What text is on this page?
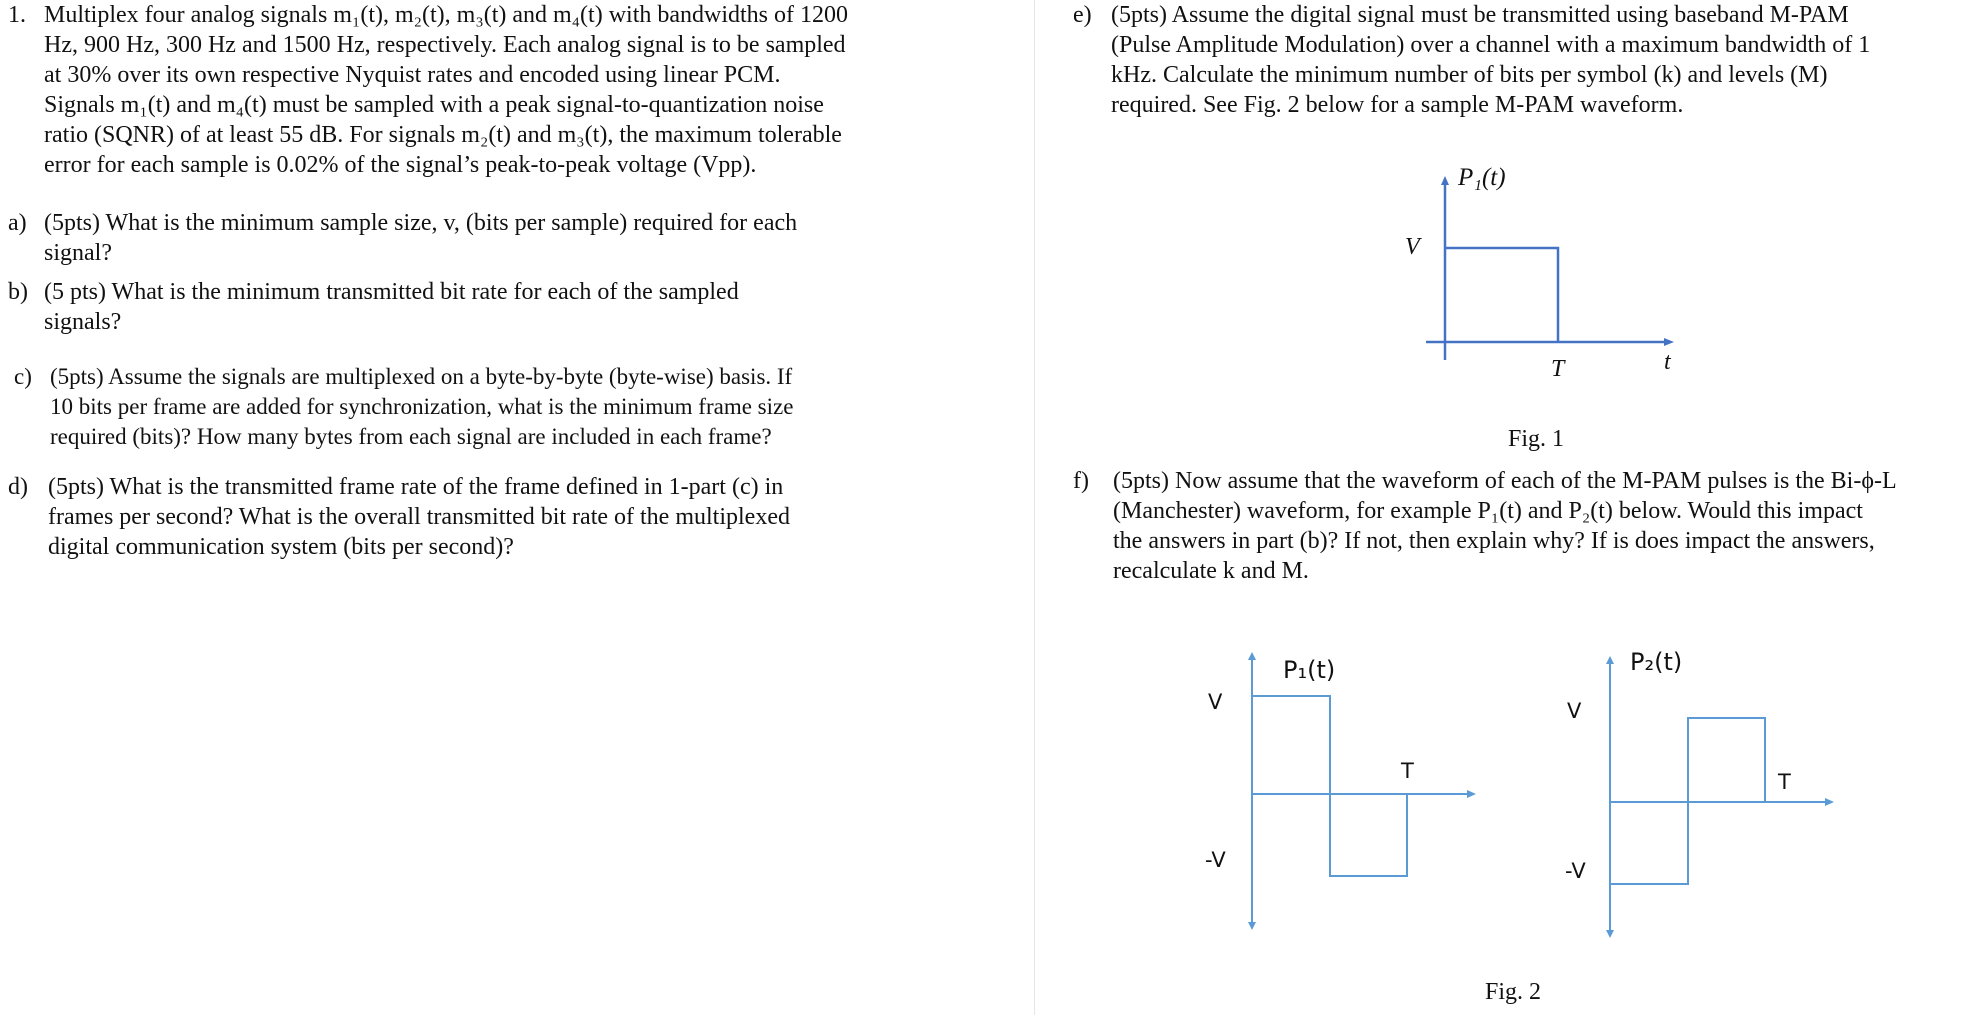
1. Multiplex four analog signals m₁(t), m₂(t), m₃(t) and m₄(t) with bandwidths of 1200
Hz, 900 Hz, 300 Hz and 1500 Hz, respectively. Each analog signal is to be sampled
at 30% over its own respective Nyquist rates and encoded using linear PCM.
Signals m₁(t) and m₄(t) must be sampled with a peak signal-to-quantization noise
ratio (SQNR) of at least 55 dB. For signals m₂(t) and m₃(t), the maximum tolerable
error for each sample is 0.02% of the signal’s peak-to-peak voltage (Vpp).
a) (5pts) What is the minimum sample size, v, (bits per sample) required for each
signal?
b) (5 pts) What is the minimum transmitted bit rate for each of the sampled
signals?
c) (5pts) Assume the signals are multiplexed on a byte-by-byte (byte-wise) basis. If
10 bits per frame are added for synchronization, what is the minimum frame size
required (bits)? How many bytes from each signal are included in each frame?
d) (5pts) What is the transmitted frame rate of the frame defined in 1-part (c) in
frames per second? What is the overall transmitted bit rate of the multiplexed
digital communication system (bits per second)?
e) (5pts) Assume the digital signal must be transmitted using baseband M-PAM
(Pulse Amplitude Modulation) over a channel with a maximum bandwidth of 1
kHz. Calculate the minimum number of bits per symbol (k) and levels (M)
required. See Fig. 2 below for a sample M-PAM waveform.
P₁(t)
V
T	t
Fig. 1
f) (5pts) Now assume that the waveform of each of the M-PAM pulses is the Bi-ϕ-L
(Manchester) waveform, for example P₁(t) and P₂(t) below. Would this impact
the answers in part (b)? If not, then explain why? If is does impact the answers,
recalculate k and M.
P₁(t)
V
-V
T
P₂(t)
V
-V
T
Fig. 2
